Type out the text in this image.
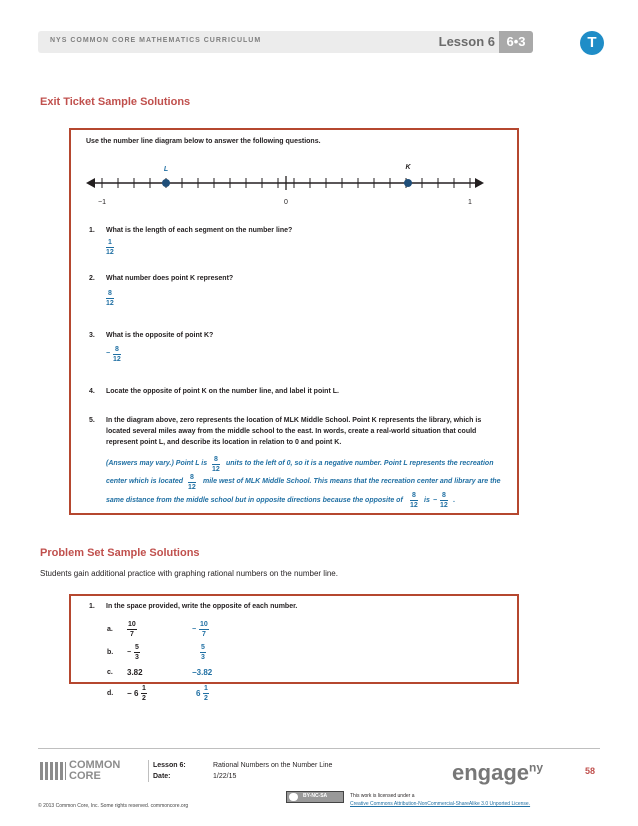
NYS COMMON CORE MATHEMATICS CURRICULUM	Lesson 6 6•3	T
Exit Ticket Sample Solutions
Use the number line diagram below to answer the following questions.
L	K
−1	0	1
1. What is the length of each segment on the number line?
$\frac{1}{12}$
2. What number does point K represent?
$\frac{8}{12}$
3. What is the opposite of point K?
− $\frac{8}{12}$
4. Locate the opposite of point K on the number line, and label it point L.
5. In the diagram above, zero represents the location of MLK Middle School. Point K represents the library, which is
located several miles away from the middle school to the east. In words, create a real-world situation that could
represent point L, and describe its location in relation to 0 and point K.
(Answers may vary.) Point L is $\frac{8}{12}$ units to the left of 0, so it is a negative number. Point L represents the recreation
center which is located $\frac{8}{12}$ mile west of MLK Middle School. This means that the recreation center and library are the
same distance from the middle school but in opposite directions because the opposite of $\frac{8}{12}$ is − $\frac{8}{12}$ .
Problem Set Sample Solutions
Students gain additional practice with graphing rational numbers on the number line.
1. In the space provided, write the opposite of each number.
a. $\frac{10}{7}$	− $\frac{10}{7}$
b. − $\frac{5}{3}$	$\frac{5}{3}$
c. 3.82	−3.82
d. − $6 \frac{1}{2}$	$6 \frac{1}{2}$
COMMON
CORE
Lesson 6:	Rational Numbers on the Number Line
Date:	1/22/15	engage$^{ny}$	58
© 2013 Common Core, Inc. Some rights reserved. commoncore.org
BY-NC-SA	This work is licensed under a
Creative Commons Attribution-NonCommercial-ShareAlike 3.0 Unported License.
